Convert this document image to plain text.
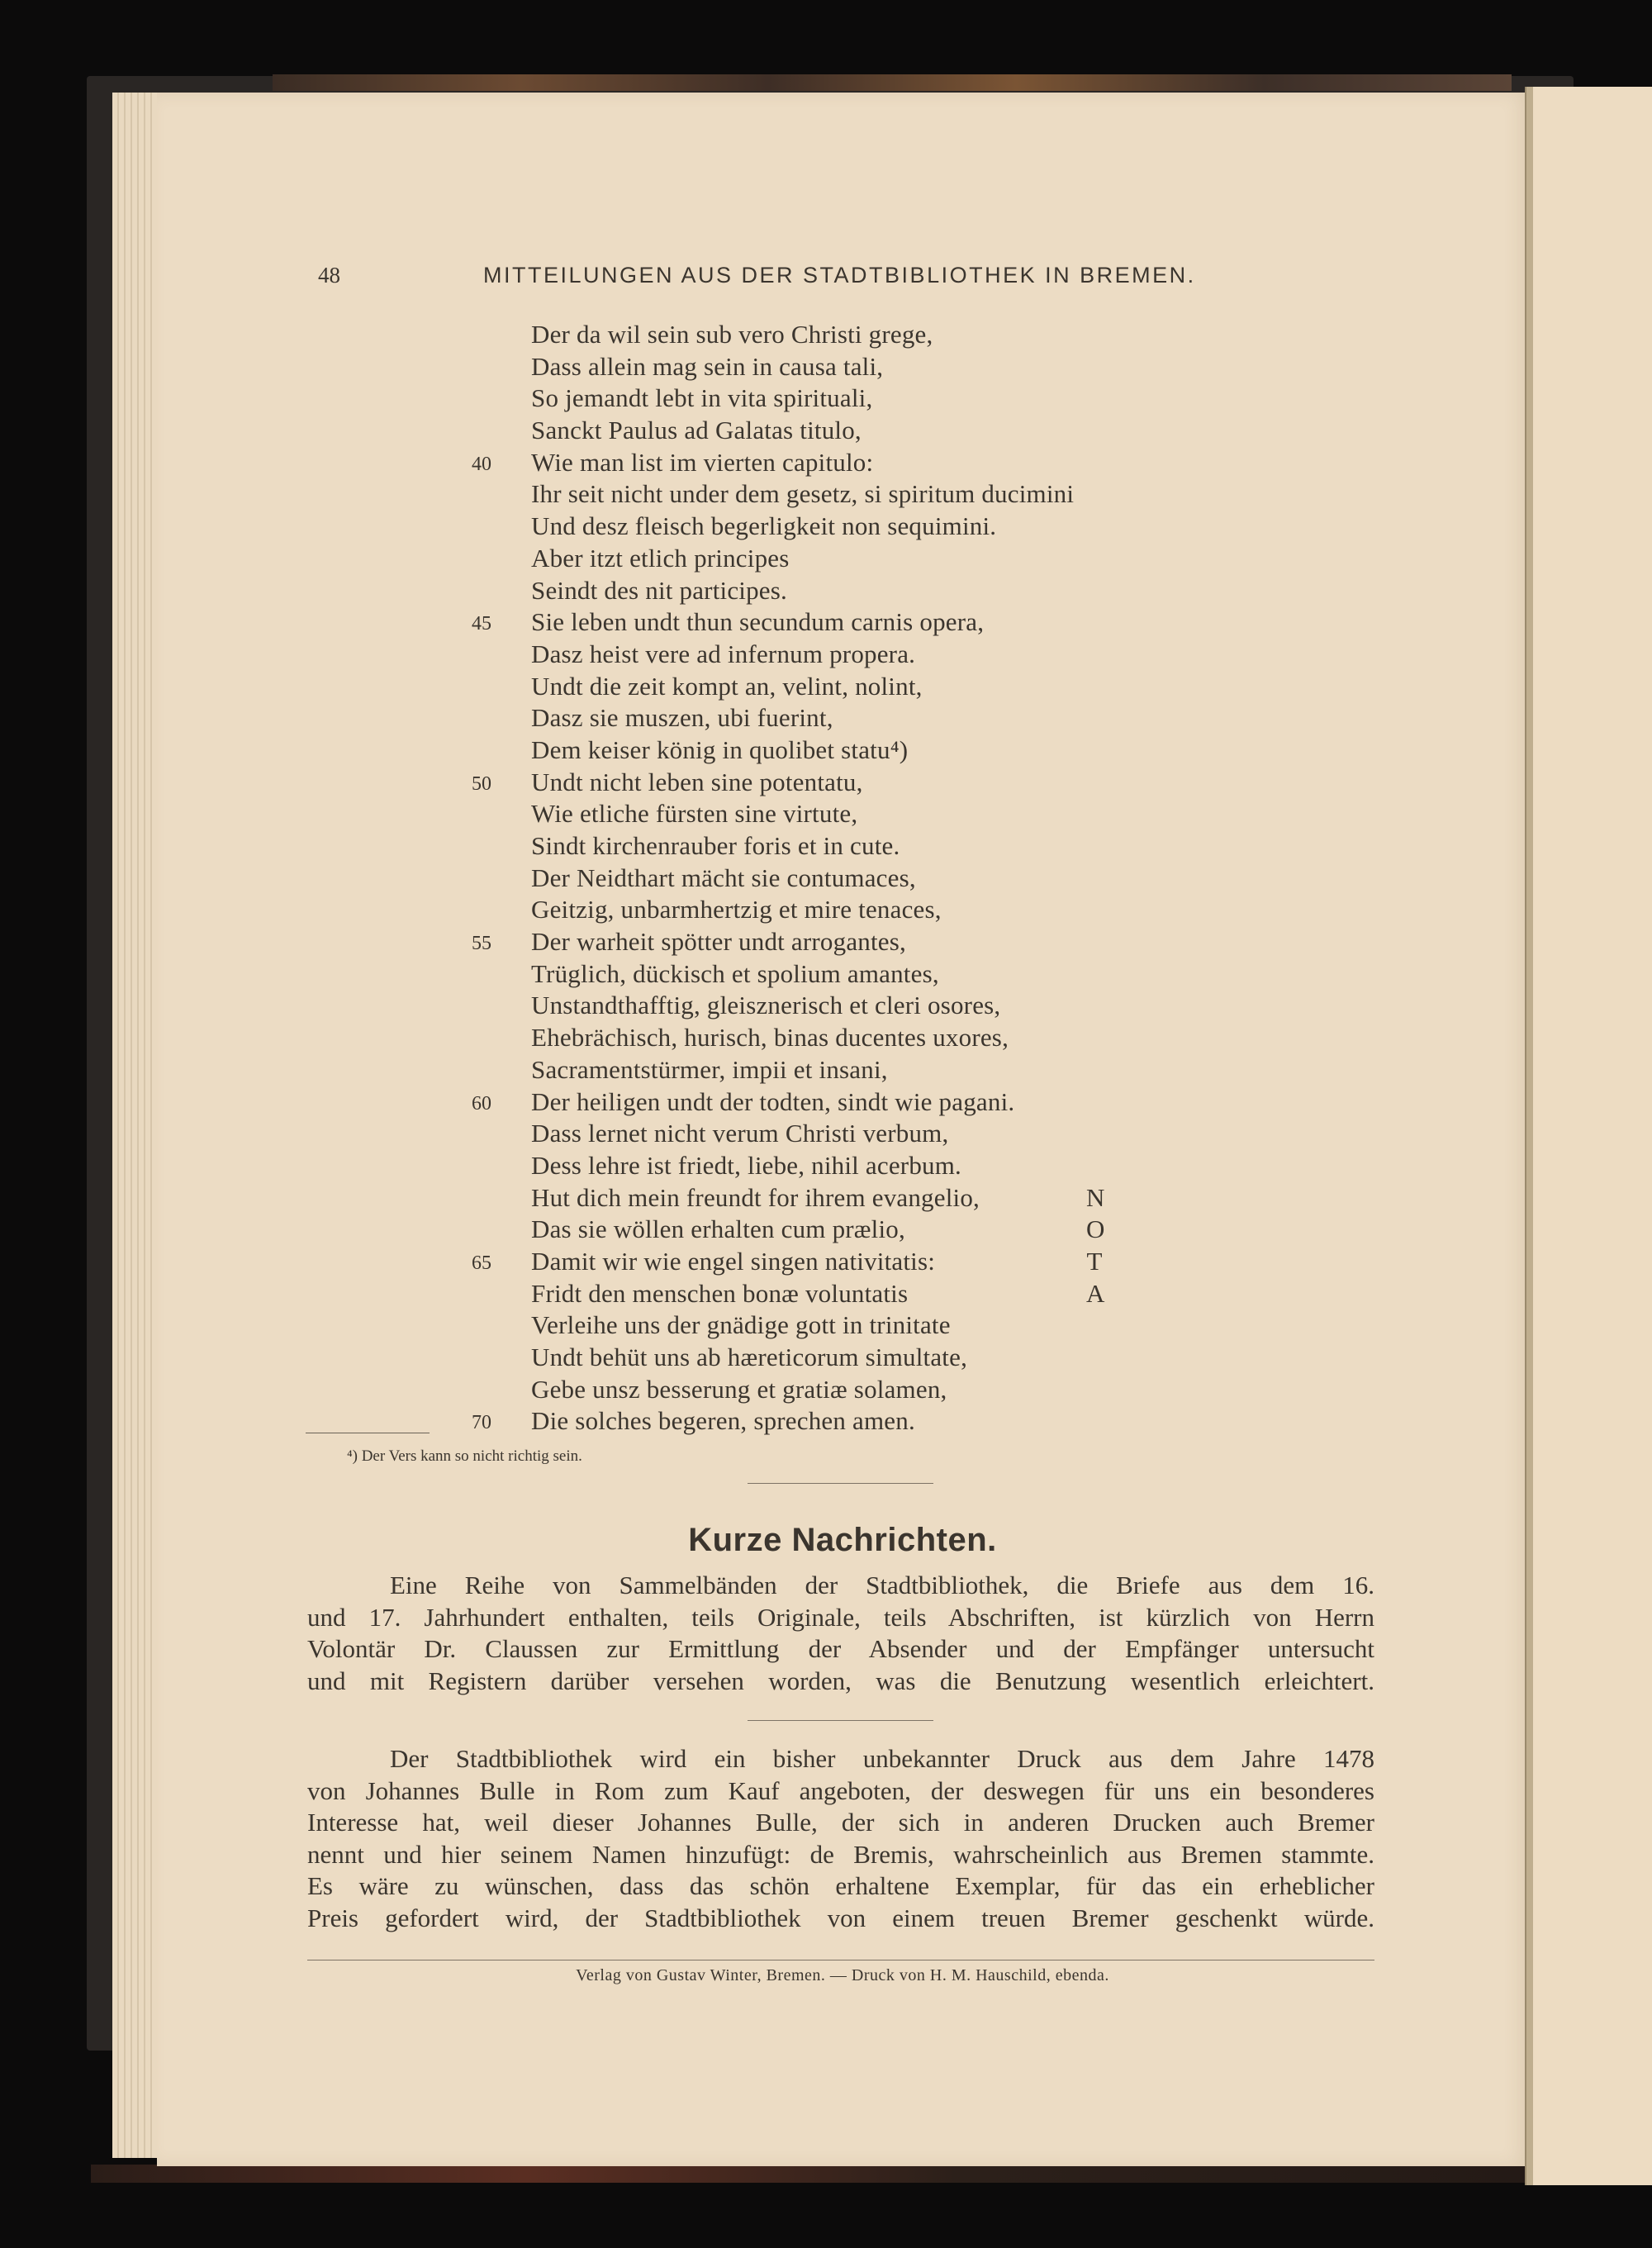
48	MITTEILUNGEN AUS DER STADTBIBLIOTHEK IN BREMEN.
Der da wil sein sub vero Christi grege,
Dass allein mag sein in causa tali,
So jemandt lebt in vita spirituali,
Sanckt Paulus ad Galatas titulo,
40 Wie man list im vierten capitulo:
Ihr seit nicht under dem gesetz, si spiritum ducimini
Und desz fleisch begerligkeit non sequimini.
Aber itzt etlich principes
Seindt des nit participes.
45 Sie leben undt thun secundum carnis opera,
Dasz heist vere ad infernum propera.
Undt die zeit kompt an, velint, nolint,
Dasz sie muszen, ubi fuerint,
Dem keiser könig in quolibet statu⁴)
50 Undt nicht leben sine potentatu,
Wie etliche fürsten sine virtute,
Sindt kirchenrauber foris et in cute.
Der Neidthart mächt sie contumaces,
Geitzig, unbarmhertzig et mire tenaces,
55 Der warheit spötter undt arrogantes,
Trüglich, dückisch et spolium amantes,
Unstandthafftig, gleisznerisch et cleri osores,
Ehebrächisch, hurisch, binas ducentes uxores,
Sacramentstürmer, impii et insani,
60 Der heiligen undt der todten, sindt wie pagani.
Dass lernet nicht verum Christi verbum,
Dess lehre ist friedt, liebe, nihil acerbum.
Hut dich mein freundt for ihrem evangelio,	N
Das sie wöllen erhalten cum prælio,	O
65 Damit wir wie engel singen nativitatis:	T
Fridt den menschen bonæ voluntatis	A
Verleihe uns der gnädige gott in trinitate
Undt behüt uns ab hæreticorum simultate,
Gebe unsz besserung et gratiæ solamen,
70 Die solches begeren, sprechen amen.
⁴) Der Vers kann so nicht richtig sein.
Kurze Nachrichten.
Eine Reihe von Sammelbänden der Stadtbibliothek, die Briefe aus dem 16.
und 17. Jahrhundert enthalten, teils Originale, teils Abschriften, ist kürzlich von Herrn
Volontär Dr. Claussen zur Ermittlung der Absender und der Empfänger untersucht
und mit Registern darüber versehen worden, was die Benutzung wesentlich erleichtert.
Der Stadtbibliothek wird ein bisher unbekannter Druck aus dem Jahre 1478
von Johannes Bulle in Rom zum Kauf angeboten, der deswegen für uns ein besonderes
Interesse hat, weil dieser Johannes Bulle, der sich in anderen Drucken auch Bremer
nennt und hier seinem Namen hinzufügt: de Bremis, wahrscheinlich aus Bremen stammte.
Es wäre zu wünschen, dass das schön erhaltene Exemplar, für das ein erheblicher
Preis gefordert wird, der Stadtbibliothek von einem treuen Bremer geschenkt würde.
Verlag von Gustav Winter, Bremen. — Druck von H. M. Hauschild, ebenda.
